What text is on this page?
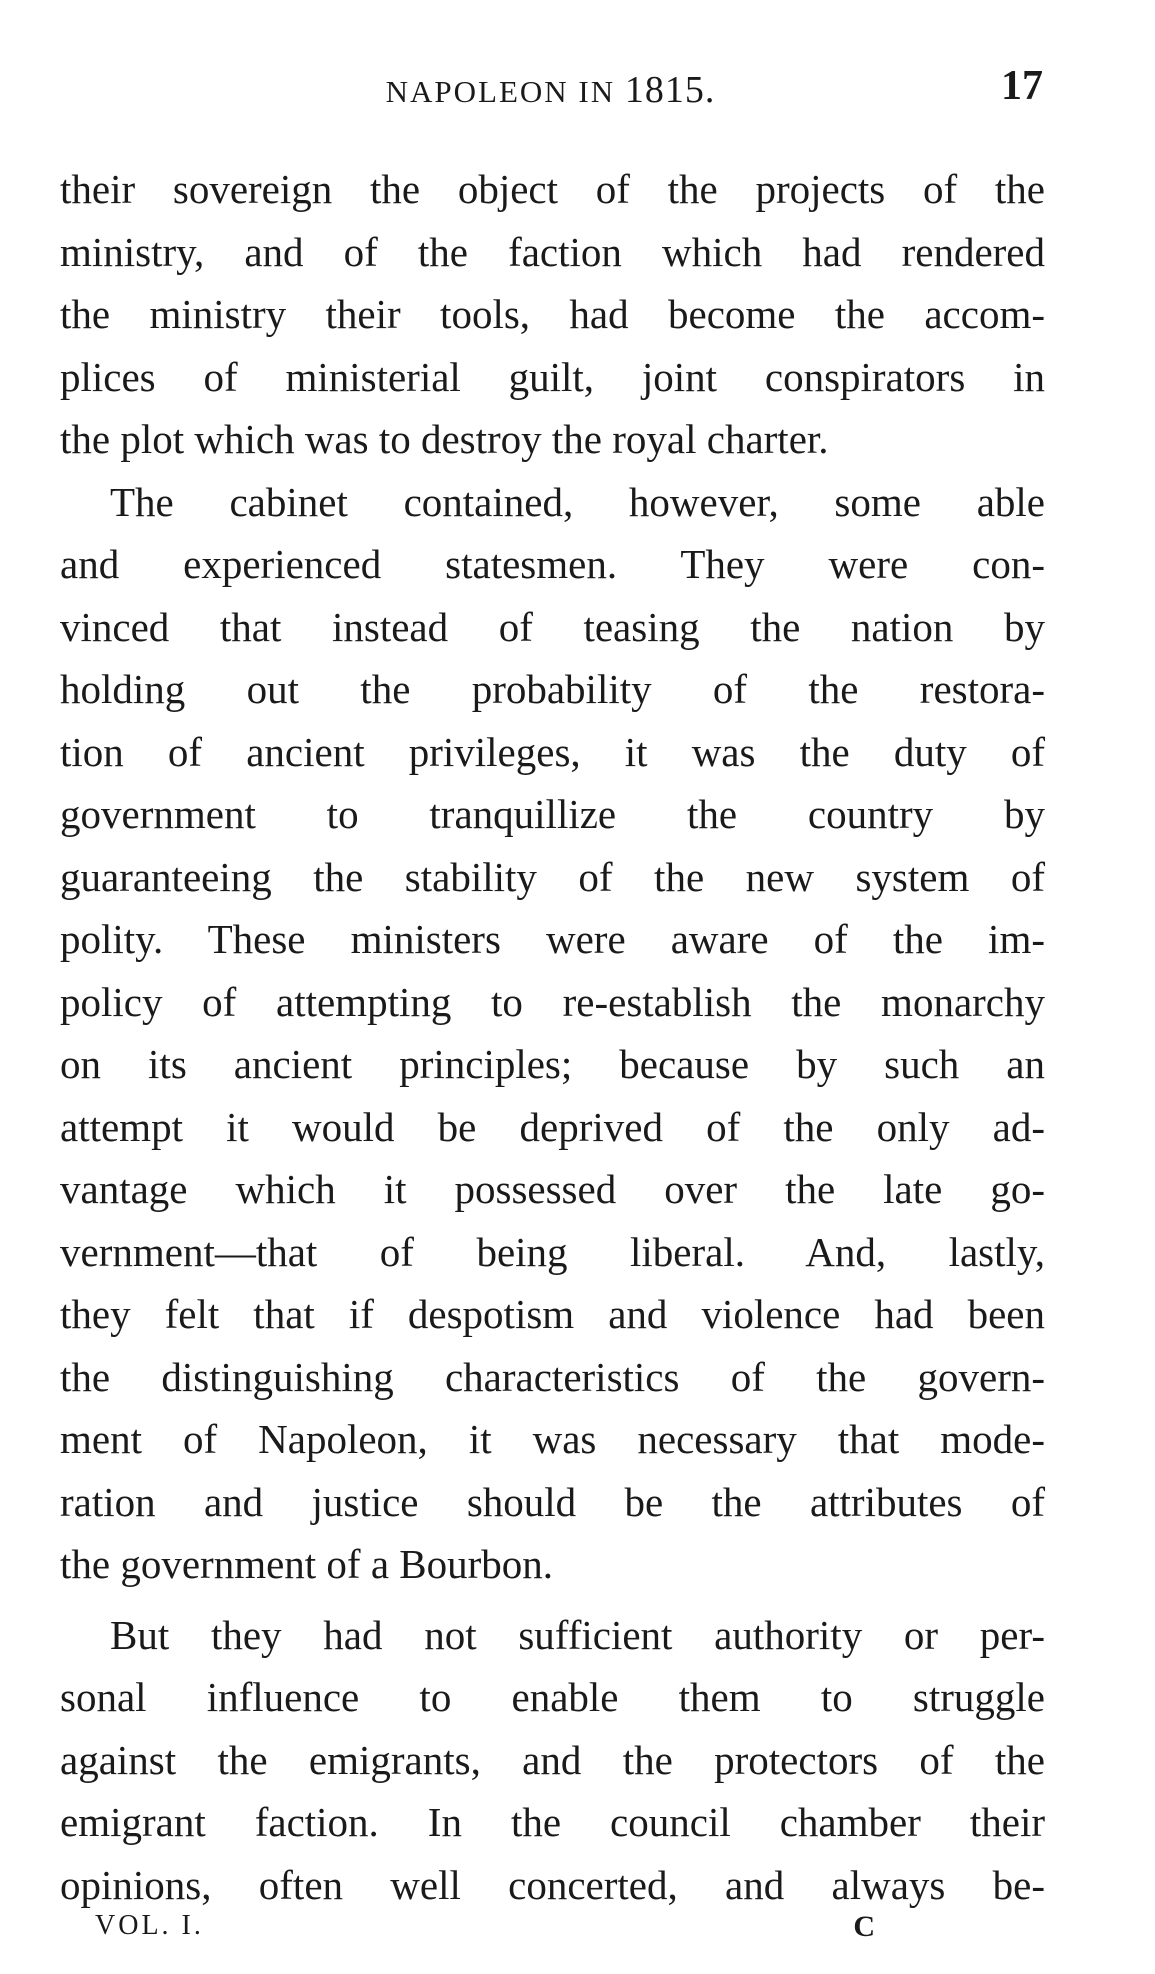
NAPOLEON IN 1815.	17
their sovereign the object of the projects of the
ministry, and of the faction which had rendered
the ministry their tools, had become the accom-
plices of ministerial guilt, joint conspirators in
the plot which was to destroy the royal charter.
The cabinet contained, however, some able
and experienced statesmen. They were con-
vinced that instead of teasing the nation by
holding out the probability of the restora-
tion of ancient privileges, it was the duty of
government to tranquillize the country by
guaranteeing the stability of the new system of
polity. These ministers were aware of the im-
policy of attempting to re-establish the monarchy
on its ancient principles; because by such an
attempt it would be deprived of the only ad-
vantage which it possessed over the late go-
vernment—that of being liberal. And, lastly,
they felt that if despotism and violence had been
the distinguishing characteristics of the govern-
ment of Napoleon, it was necessary that mode-
ration and justice should be the attributes of
the government of a Bourbon.
But they had not sufficient authority or per-
sonal influence to enable them to struggle
against the emigrants, and the protectors of the
emigrant faction. In the council chamber their
opinions, often well concerted, and always be-
VOL. I.	C
